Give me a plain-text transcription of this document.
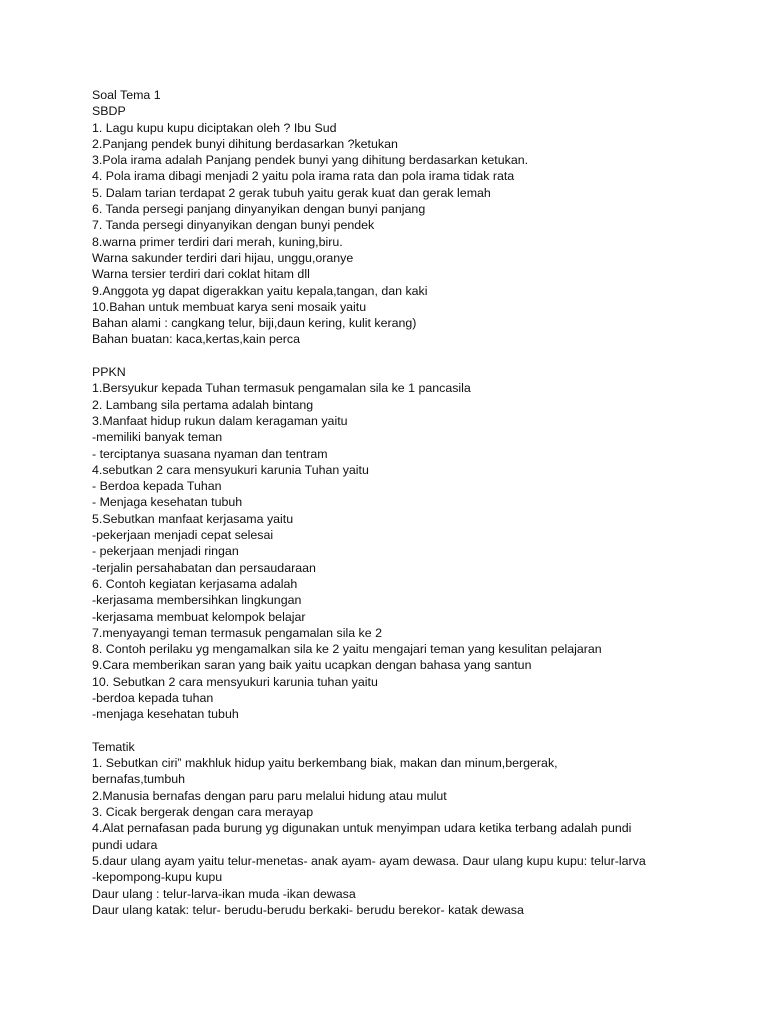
Soal Tema 1
SBDP
1. Lagu kupu kupu diciptakan oleh ? Ibu Sud
2.Panjang pendek bunyi dihitung berdasarkan ?ketukan
3.Pola irama adalah Panjang pendek bunyi yang dihitung berdasarkan ketukan.
4. Pola irama dibagi menjadi 2 yaitu pola irama rata dan pola irama tidak rata
5. Dalam tarian terdapat 2 gerak tubuh yaitu gerak kuat dan gerak lemah
6. Tanda persegi panjang dinyanyikan dengan bunyi panjang
7. Tanda persegi dinyanyikan dengan bunyi pendek
8.warna primer terdiri dari merah, kuning,biru.
Warna sakunder terdiri dari hijau, unggu,oranye
Warna tersier terdiri dari coklat hitam dll
9.Anggota yg dapat digerakkan yaitu kepala,tangan, dan kaki
10.Bahan untuk membuat karya seni mosaik yaitu
Bahan alami : cangkang telur, biji,daun kering, kulit kerang)
Bahan buatan: kaca,kertas,kain perca
PPKN
1.Bersyukur kepada Tuhan termasuk pengamalan sila ke 1 pancasila
2. Lambang sila pertama adalah bintang
3.Manfaat hidup rukun dalam keragaman yaitu
-memiliki banyak teman
- terciptanya suasana nyaman dan tentram
4.sebutkan 2 cara mensyukuri karunia Tuhan yaitu
- Berdoa kepada Tuhan
- Menjaga kesehatan tubuh
5.Sebutkan manfaat kerjasama yaitu
-pekerjaan menjadi cepat selesai
- pekerjaan menjadi ringan
-terjalin persahabatan dan persaudaraan
6. Contoh kegiatan kerjasama adalah
-kerjasama membersihkan lingkungan
-kerjasama membuat kelompok belajar
7.menyayangi teman termasuk pengamalan sila ke 2
8. Contoh perilaku yg mengamalkan sila ke 2 yaitu mengajari teman yang kesulitan pelajaran
9.Cara memberikan saran yang baik yaitu ucapkan dengan bahasa yang santun
10. Sebutkan 2 cara mensyukuri karunia tuhan yaitu
-berdoa kepada tuhan
-menjaga kesehatan tubuh
Tematik
1. Sebutkan ciri” makhluk hidup yaitu berkembang biak, makan dan minum,bergerak,
bernafas,tumbuh
2.Manusia bernafas dengan paru paru melalui hidung atau mulut
3. Cicak bergerak dengan cara merayap
4.Alat pernafasan pada burung yg digunakan untuk menyimpan udara ketika terbang adalah pundi
pundi udara
5.daur ulang ayam yaitu telur-menetas- anak ayam- ayam dewasa. Daur ulang kupu kupu: telur-larva
-kepompong-kupu kupu
Daur ulang : telur-larva-ikan muda -ikan dewasa
Daur ulang katak: telur- berudu-berudu berkaki- berudu berekor- katak dewasa
